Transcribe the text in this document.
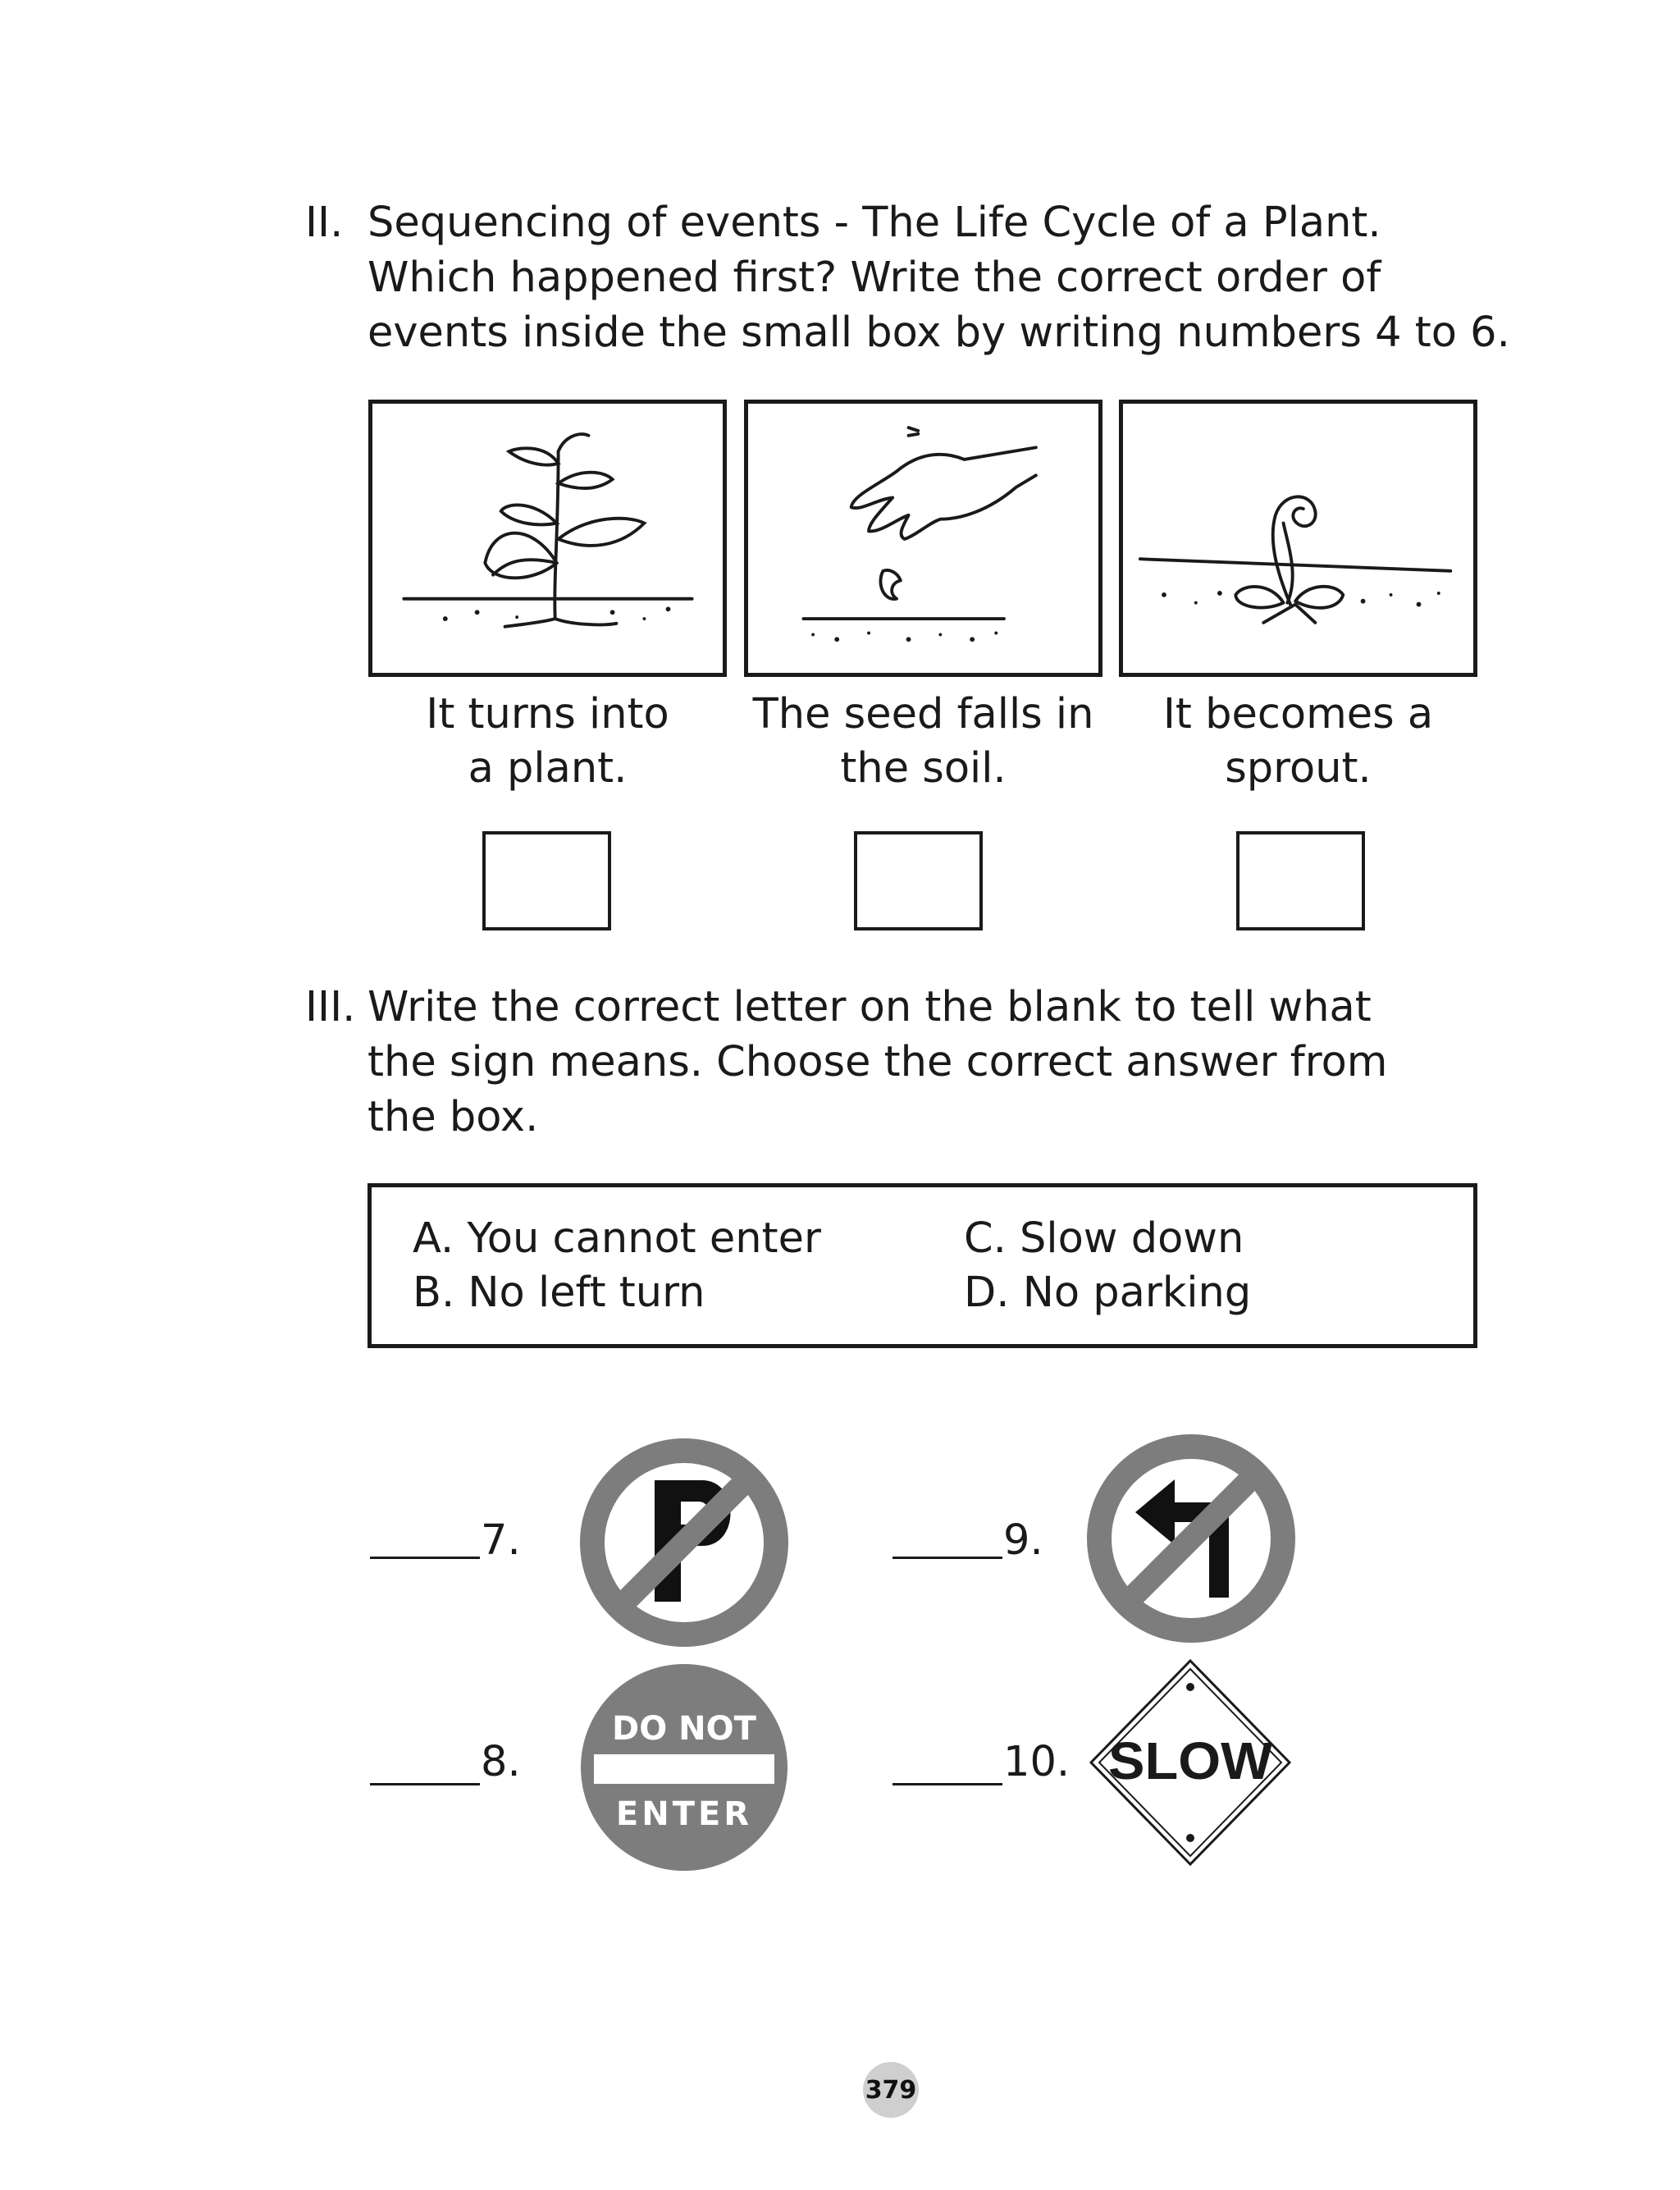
II. Sequencing of events - The Life Cycle of a Plant.
Which happened first? Write the correct order of
events inside the small box by writing numbers 4 to 6.
It turns into
a plant.
The seed falls in
the soil.
It becomes a
sprout.
III. Write the correct letter on the blank to tell what
the sign means. Choose the correct answer from
the box.
A. You cannot enter
B. No left turn
C. Slow down
D. No parking
7.	9.
8.
DO NOT
ENTER
10. SLOW
379
